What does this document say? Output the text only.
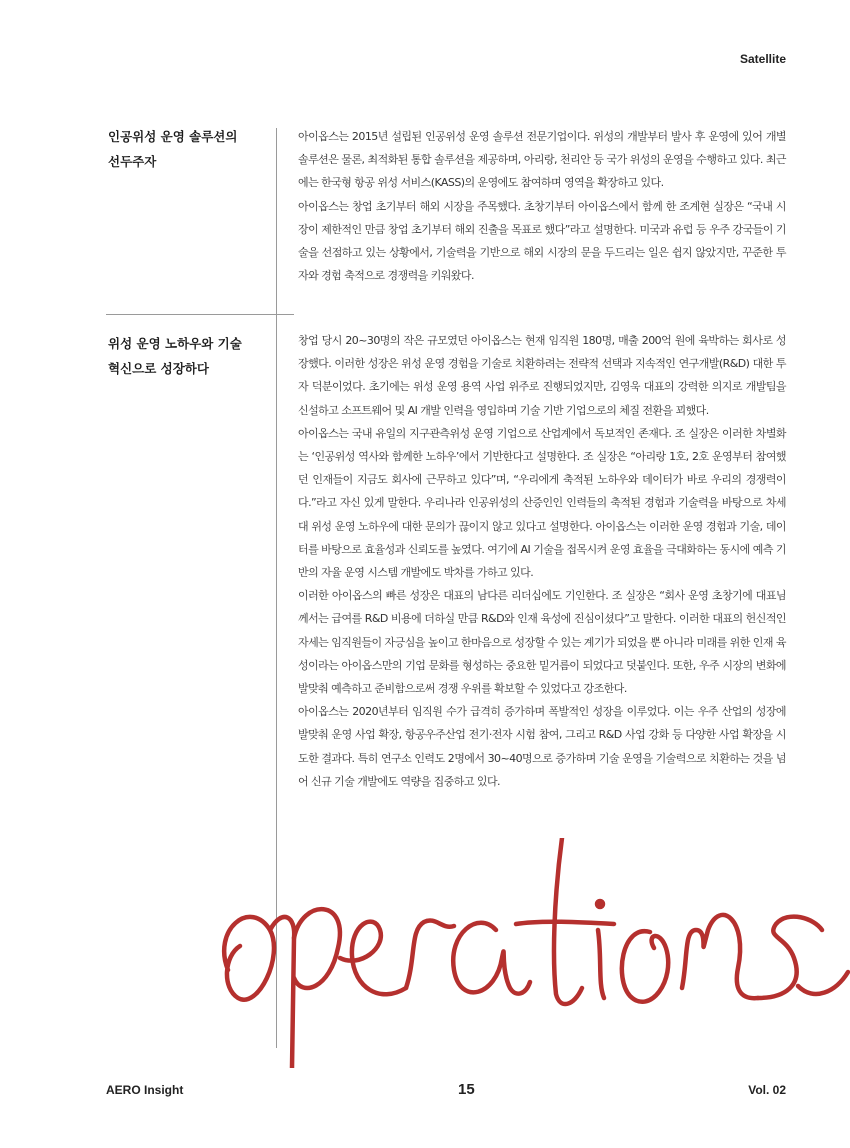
Satellite
인공위성 운영 솔루션의
선두주자

아이옵스는 2015년 설립된 인공위성 운영 솔루션 전문기업이다. 위성의 개발부터 발사 후 운영에 있어 개별 솔루션은 물론, 최적화된 통합 솔루션을 제공하며, 아리랑, 천리안 등 국가 위성의 운영을 수행하고 있다. 최근에는 한국형 항공 위성 서비스(KASS)의 운영에도 참여하며 영역을 확장하고 있다.

아이옵스는 창업 초기부터 해외 시장을 주목했다. 초창기부터 아이옵스에서 함께 한 조계현 실장은 “국내 시장이 제한적인 만큼 창업 초기부터 해외 진출을 목표로 했다”라고 설명한다. 미국과 유럽 등 우주 강국들이 기술을 선점하고 있는 상황에서, 기술력을 기반으로 해외 시장의 문을 두드리는 일은 쉽지 않았지만, 꾸준한 투자와 경험 축적으로 경쟁력을 키워왔다.

위성 운영 노하우와 기술
혁신으로 성장하다

창업 당시 20~30명의 작은 규모였던 아이옵스는 현재 임직원 180명, 매출 200억 원에 육박하는 회사로 성장했다. 이러한 성장은 위성 운영 경험을 기술로 치환하려는 전략적 선택과 지속적인 연구개발(R&D) 대한 투자 덕분이었다. 초기에는 위성 운영 용역 사업 위주로 진행되었지만, 김영욱 대표의 강력한 의지로 개발팀을 신설하고 소프트웨어 및 AI 개발 인력을 영입하며 기술 기반 기업으로의 체질 전환을 꾀했다.

아이옵스는 국내 유일의 지구관측위성 운영 기업으로 산업계에서 독보적인 존재다. 조 실장은 이러한 차별화는 ‘인공위성 역사와 함께한 노하우’에서 기반한다고 설명한다. 조 실장은 “아리랑 1호, 2호 운영부터 참여했던 인재들이 지금도 회사에 근무하고 있다”며, “우리에게 축적된 노하우와 데이터가 바로 우리의 경쟁력이다.”라고 자신 있게 말한다. 우리나라 인공위성의 산증인인 인력들의 축적된 경험과 기술력을 바탕으로 차세대 위성 운영 노하우에 대한 문의가 끊이지 않고 있다고 설명한다. 아이옵스는 이러한 운영 경험과 기술, 데이터를 바탕으로 효율성과 신뢰도를 높였다. 여기에 AI 기술을 접목시켜 운영 효율을 극대화하는 동시에 예측 기반의 자율 운영 시스템 개발에도 박차를 가하고 있다.

이러한 아이옵스의 빠른 성장은 대표의 남다른 리더십에도 기인한다. 조 실장은 “회사 운영 초창기에 대표님께서는 급여를 R&D 비용에 더하실 만큼 R&D와 인재 육성에 진심이셨다”고 말한다. 이러한 대표의 헌신적인 자세는 임직원들이 자긍심을 높이고 한마음으로 성장할 수 있는 계기가 되었을 뿐 아니라 미래를 위한 인재 육성이라는 아이옵스만의 기업 문화를 형성하는 중요한 밑거름이 되었다고 덧붙인다. 또한, 우주 시장의 변화에 발맞춰 예측하고 준비함으로써 경쟁 우위를 확보할 수 있었다고 강조한다.

아이옵스는 2020년부터 임직원 수가 급격히 증가하며 폭발적인 성장을 이루었다. 이는 우주 산업의 성장에 발맞춰 운영 사업 확장, 항공우주산업 전기·전자 시험 참여, 그리고 R&D 사업 강화 등 다양한 사업 확장을 시도한 결과다. 특히 연구소 인력도 2명에서 30~40명으로 증가하며 기술 운영을 기술력으로 치환하는 것을 넘어 신규 기술 개발에도 역량을 집중하고 있다.

AERO Insight	15	Vol. 02
